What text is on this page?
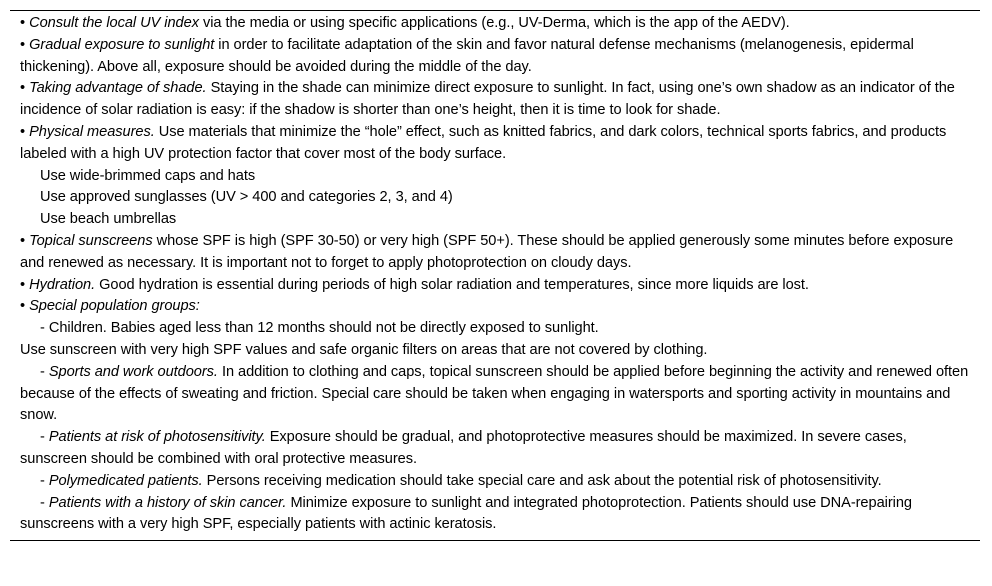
• Consult the local UV index via the media or using specific applications (e.g., UV-Derma, which is the app of the AEDV).

• Gradual exposure to sunlight in order to facilitate adaptation of the skin and favor natural defense mechanisms (melanogenesis, epidermal thickening). Above all, exposure should be avoided during the middle of the day.

• Taking advantage of shade. Staying in the shade can minimize direct exposure to sunlight. In fact, using one’s own shadow as an indicator of the incidence of solar radiation is easy: if the shadow is shorter than one’s height, then it is time to look for shade.

• Physical measures. Use materials that minimize the “hole” effect, such as knitted fabrics, and dark colors, technical sports fabrics, and products labeled with a high UV protection factor that cover most of the body surface.

Use wide-brimmed caps and hats

Use approved sunglasses (UV > 400 and categories 2, 3, and 4)

Use beach umbrellas

• Topical sunscreens whose SPF is high (SPF 30-50) or very high (SPF 50+). These should be applied generously some minutes before exposure and renewed as necessary. It is important not to forget to apply photoprotection on cloudy days.

• Hydration. Good hydration is essential during periods of high solar radiation and temperatures, since more liquids are lost.

• Special population groups:

- Children. Babies aged less than 12 months should not be directly exposed to sunlight.

Use sunscreen with very high SPF values and safe organic filters on areas that are not covered by clothing.

- Sports and work outdoors. In addition to clothing and caps, topical sunscreen should be applied before beginning the activity and renewed often because of the effects of sweating and friction. Special care should be taken when engaging in watersports and sporting activity in mountains and snow.

- Patients at risk of photosensitivity. Exposure should be gradual, and photoprotective measures should be maximized. In severe cases, sunscreen should be combined with oral protective measures.

- Polymedicated patients. Persons receiving medication should take special care and ask about the potential risk of photosensitivity.

- Patients with a history of skin cancer. Minimize exposure to sunlight and integrated photoprotection. Patients should use DNA-repairing sunscreens with a very high SPF, especially patients with actinic keratosis.
